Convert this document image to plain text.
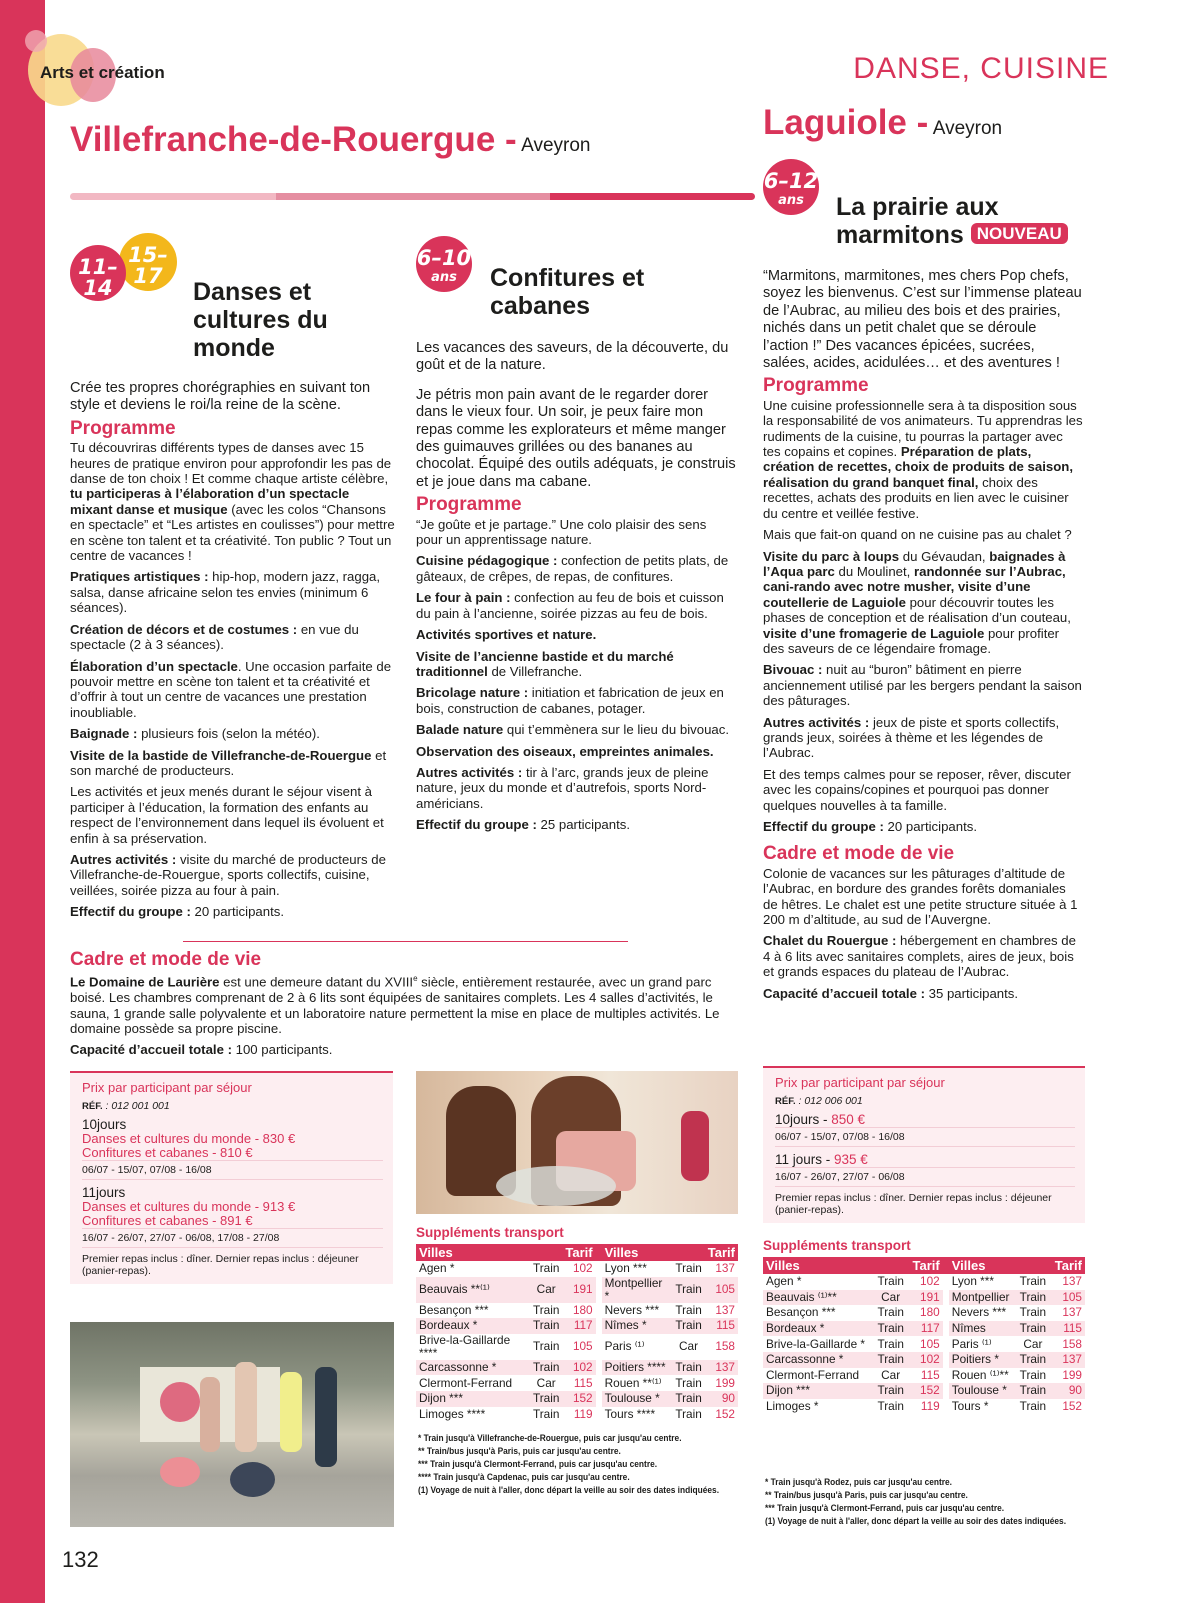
Arts et création	DANSE, CUISINE
Villefranche-de-Rouergue - Aveyron
Laguiole - Aveyron
11–14
ans
15–17
ans	Danses et cultures du monde
6–10
ans	Confitures et cabanes
6–12
ans	La prairie aux
marmitons NOUVEAU

Crée tes propres chorégraphies en suivant ton style et deviens le roi/la reine de la scène.

Programme

Tu découvriras différents types de danses avec 15 heures de pratique environ pour approfondir les pas de danse de ton choix ! Et comme chaque artiste célèbre, tu participeras à l’élaboration d’un spectacle mixant danse et musique (avec les colos “Chansons en spectacle” et “Les artistes en coulisses”) pour mettre en scène ton talent et ta créativité. Ton public ? Tout un centre de vacances !

Pratiques artistiques : hip-hop, modern jazz, ragga, salsa, danse africaine selon tes envies (minimum 6 séances).

Création de décors et de costumes : en vue du spectacle (2 à 3 séances).

Élaboration d’un spectacle. Une occasion parfaite de pouvoir mettre en scène ton talent et ta créativité et d’offrir à tout un centre de vacances une prestation inoubliable.

Baignade : plusieurs fois (selon la météo).

Visite de la bastide de Villefranche-de-Rouergue et son marché de producteurs.

Les activités et jeux menés durant le séjour visent à participer à l’éducation, la formation des enfants au respect de l’environnement dans lequel ils évoluent et enfin à sa préservation.

Autres activités : visite du marché de producteurs de Villefranche-de-Rouergue, sports collectifs, cuisine, veillées, soirée pizza au four à pain.

Effectif du groupe : 20 participants.

Les vacances des saveurs, de la découverte, du goût et de la nature.

Je pétris mon pain avant de le regarder dorer dans le vieux four. Un soir, je peux faire mon repas comme les explorateurs et même manger des guimauves grillées ou des bananes au chocolat. Équipé des outils adéquats, je construis et je joue dans ma cabane.

Programme

“Je goûte et je partage.” Une colo plaisir des sens pour un apprentissage nature.

Cuisine pédagogique : confection de petits plats, de gâteaux, de crêpes, de repas, de confitures.

Le four à pain : confection au feu de bois et cuisson du pain à l’ancienne, soirée pizzas au feu de bois.

Activités sportives et nature.

Visite de l’ancienne bastide et du marché traditionnel de Villefranche.

Bricolage nature : initiation et fabrication de jeux en bois, construction de cabanes, potager.

Balade nature qui t’emmènera sur le lieu du bivouac.

Observation des oiseaux, empreintes animales.

Autres activités : tir à l’arc, grands jeux de pleine nature, jeux du monde et d’autrefois, sports Nord-américians.

Effectif du groupe : 25 participants.

“Marmitons, marmitones, mes chers Pop chefs, soyez les bienvenus. C’est sur l’immense plateau de l’Aubrac, au milieu des bois et des prairies, nichés dans un petit chalet que se déroule l’action !” Des vacances épicées, sucrées, salées, acides, acidulées… et des aventures !

Programme

Une cuisine professionnelle sera à ta disposition sous la responsabilité de vos animateurs. Tu apprendras les rudiments de la cuisine, tu pourras la partager avec tes copains et copines. Préparation de plats, création de recettes, choix de produits de saison, réalisation du grand banquet final, choix des recettes, achats des produits en lien avec le cuisiner du centre et veillée festive.

Mais que fait-on quand on ne cuisine pas au chalet ?

Visite du parc à loups du Gévaudan, baignades à l’Aqua parc du Moulinet, randonnée sur l’Aubrac, cani-rando avec notre musher, visite d’une coutellerie de Laguiole pour découvrir toutes les phases de conception et de réalisation d’un couteau, visite d’une fromagerie de Laguiole pour profiter des saveurs de ce légendaire fromage.

Bivouac : nuit au “buron” bâtiment en pierre anciennement utilisé par les bergers pendant la saison des pâturages.

Autres activités : jeux de piste et sports collectifs, grands jeux, soirées à thème et les légendes de l’Aubrac.

Et des temps calmes pour se reposer, rêver, discuter avec les copains/copines et pourquoi pas donner quelques nouvelles à ta famille.

Effectif du groupe : 20 participants.

Cadre et mode de vie

Colonie de vacances sur les pâturages d’altitude de l’Aubrac, en bordure des grandes forêts domaniales de hêtres. Le chalet est une petite structure située à 1 200 m d’altitude, au sud de l’Auvergne.

Chalet du Rouergue : hébergement en chambres de 4 à 6 lits avec sanitaires complets, aires de jeux, bois et grands espaces du plateau de l’Aubrac.

Capacité d’accueil totale : 35 participants.

Cadre et mode de vie

Le Domaine de Laurière est une demeure datant du XVIIIe siècle, entièrement restaurée, avec un grand parc boisé. Les chambres comprenant de 2 à 6 lits sont équipées de sanitaires complets. Les 4 salles d’activités, le sauna, 1 grande salle polyvalente et un laboratoire nature permettent la mise en place de multiples activités. Le domaine possède sa propre piscine.

Capacité d’accueil totale : 100 participants.

Prix par participant par séjour
RÉF. : 012 001 001
10jours
Danses et cultures du monde - 830 €
Confitures et cabanes - 810 €
06/07 - 15/07, 07/08 - 16/08
11jours
Danses et cultures du monde - 913 €
Confitures et cabanes - 891 €
16/07 - 26/07, 27/07 - 06/08, 17/08 - 27/08
Premier repas inclus : dîner. Dernier repas inclus : déjeuner (panier-repas).
Suppléments transport
Villes		Tarif		Villes		Tarif
Agen *	Train	102		Lyon ***	Train	137
Beauvais **⁽¹⁾	Car	191		Montpellier *	Train	105
Besançon ***	Train	180		Nevers ***	Train	137
Bordeaux *	Train	117		Nîmes *	Train	115
Brive-la-Gaillarde ****	Train	105		Paris ⁽¹⁾	Car	158
Carcassonne *	Train	102		Poitiers ****	Train	137
Clermont-Ferrand	Car	115		Rouen **⁽¹⁾	Train	199
Dijon ***	Train	152		Toulouse *	Train	90
Limoges ****	Train	119		Tours ****	Train	152
* Train jusqu'à Villefranche-de-Rouergue, puis car jusqu'au centre.
** Train/bus jusqu'à Paris, puis car jusqu'au centre.
*** Train jusqu'à Clermont-Ferrand, puis car jusqu'au centre.
**** Train jusqu'à Capdenac, puis car jusqu'au centre.
(1) Voyage de nuit à l'aller, donc départ la veille au soir des dates indiquées.
Prix par participant par séjour
RÉF. : 012 006 001
10jours - 850 €
06/07 - 15/07, 07/08 - 16/08
11 jours - 935 €
16/07 - 26/07, 27/07 - 06/08
Premier repas inclus : dîner. Dernier repas inclus : déjeuner (panier-repas).
Suppléments transport
Villes		Tarif		Villes		Tarif
Agen *	Train	102		Lyon ***	Train	137
Beauvais ⁽¹⁾**	Car	191		Montpellier	Train	105
Besançon ***	Train	180		Nevers ***	Train	137
Bordeaux *	Train	117		Nîmes	Train	115
Brive-la-Gaillarde *	Train	105		Paris ⁽¹⁾	Car	158
Carcassonne *	Train	102		Poitiers *	Train	137
Clermont-Ferrand	Car	115		Rouen ⁽¹⁾**	Train	199
Dijon ***	Train	152		Toulouse *	Train	90
Limoges *	Train	119		Tours *	Train	152
* Train jusqu'à Rodez, puis car jusqu'au centre.
** Train/bus jusqu'à Paris, puis car jusqu'au centre.
*** Train jusqu'à Clermont-Ferrand, puis car jusqu'au centre.
(1) Voyage de nuit à l'aller, donc départ la veille au soir des dates indiquées.
132
